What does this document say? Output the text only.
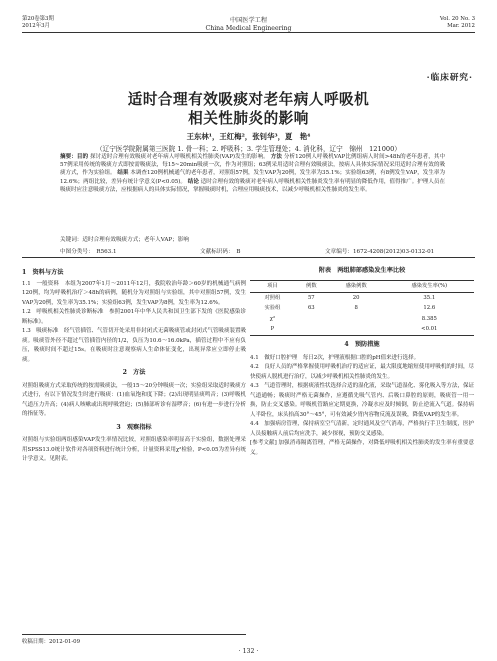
第20卷第3期
2012年3月
中国医学工程
China Medical Engineering
Vol. 20 No. 3
Mar. 2012
·临床研究·
适时合理有效吸痰对老年病人呼吸机
相关性肺炎的影响
王东林¹，王红梅²，张钊华³，夏　艳⁴
（辽宁医学院附属第三医院 1. 骨一科；2. 呼吸科；3. 学生管理处；4. 消化科，辽宁　锦州　121000）
摘要：目的 探讨适时合理有效吸痰对老年病人呼吸机相关性肺炎(VAP)发生的影响。 方法 分析120例人呼吸机VAP比例组病人时间>48h的老年患者，其中57例采用传统的吸痰方式即按需吸痰法，每15~20min吸痰一次，作为对照组；63例采用适时合理有效吸痰法，按病人具体实际情况采用适时合理有效的吸痰方式，作为实验组。 结果 本调查120例机械通气的老年患者，对照组57例，发生VAP为20例，发生率为35.1%；实验组63例，有8例发生VAP，发生率为12.6%；两组比较，差异有统计学意义(P<0.05)。 结论 适时合理有效的吸痰对老年病人呼吸机相关性肺炎发生率有明显的降低作用，值得推广。护理人员在吸痰时应注意吸痰方法，应根据病人的具体实际情况，掌握吸痰时机，合理应用吸痰技术，以减少呼吸机相关性肺炎的发生率。
关键词：适时合理有效吸痰方式；老年人VAP；影响
中图分类号：　R563.1	文献标识码：　B	文章编号：1672-4208(2012)03-0132-01
1　资料与方法

1.1　一般资料　本组为2007年1月～2011年12月，我院收治年龄＞60岁的机械通气病例120例，均为呼吸机治疗＞48h的病例，随机分为对照组与实验组，其中对照组57例，发生VAP为20例，发生率为35.1%；实验组63例，发生VAP为8例，发生率为12.6%。

1.2　呼吸机相关性肺炎诊断标准　参照2001年中华人民共和国卫生部下发的《医院感染诊断标准》。

1.3　吸痰标准　经气管插管、气管切开处采用非封闭式无菌吸痰管或封闭式气管吸痰装置吸痰。吸痰管外径不超过气管插管内径的1/2，负压为10.6～16.0kPa，插管过程中不应有负压，吸痰时间不超过15s。在吸痰时注意观察病人生命体征变化，出现异常应立即停止吸痰。

2　方法

对照组吸痰方式采取传统的按需吸痰法，一般15～20分钟吸痰一次；实验组采取适时吸痰方式进行，有以下情况发生时进行吸痰：(1)血氧饱和度下降；(2)出现明显痰鸣音；(3)呼吸机气道压力升高；(4)病人咳嗽或出现呼吸窘迫；(5)肺部听诊有湿啰音；(6)有进一步进行分析的指征等。

3　观察指标

对照组与实验组两组感染VAP发生率情况比较，对照组感染率明显高于实验组，数据处理采用SPSS13.0统计软件对各项资料进行统计分析，计量资料采用χ²检验，P<0.05为差异有统计学意义。见附表。

附表　两组肺部感染发生率比较
项目	例数	感染例数	感染发生率(%)
对照组	57	20	35.1
实验组	63	8	12.6
χ²			8.385
P			<0.01
4　预防措施

4.1　做好口腔护理　每日2次，护理液根据口腔的pH值来进行选择。

4.2　良好人员的严格掌握使用呼吸机治疗的适应证，最大限度地缩短使用呼吸机的时间，尽快使病人脱机进行治疗，以减少呼吸机相关性肺炎的发生。

4.3　气道管理时，根据痰液性状选择合适的湿化液，采取气道湿化、雾化吸入等方法，保证气道通畅；吸痰时严格无菌操作，应遵循先吸气管内、后吸口鼻腔的原则，吸痰管一用一换，防止交叉感染。呼吸机管路应定期更换，冷凝水应及时倾倒，防止逆流入气道。保持病人半卧位，床头抬高30°～45°，可有效减少胃内容物反流及误吸，降低VAP的发生率。

4.4　加强病房管理，保持病室空气清新，定时通风及空气消毒，严格执行手卫生制度，医护人员接触病人前后均应洗手，减少探视，预防交叉感染。

[参考文献] 加强消毒隔离管理，严格无菌操作，对降低呼吸机相关性肺炎的发生率有重要意义。

收稿日期：2012-01-09
· 132 ·
